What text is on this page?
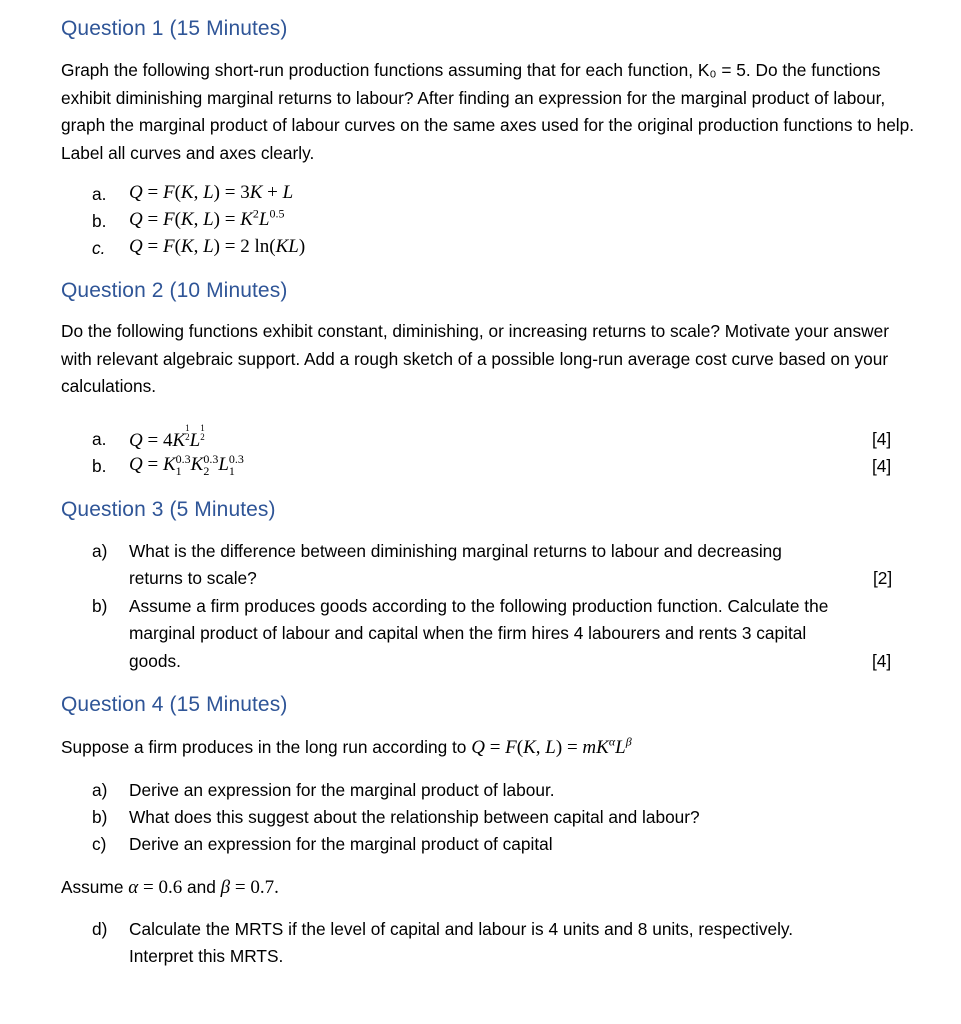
Question 1 (15 Minutes)
Graph the following short-run production functions assuming that for each function, K₀ = 5. Do the functions exhibit diminishing marginal returns to labour? After finding an expression for the marginal product of labour, graph the marginal product of labour curves on the same axes used for the original production functions to help. Label all curves and axes clearly.
a. Q = F(K, L) = 3K + L
b. Q = F(K, $L) = K^2L^{0.5}$
c. Q = F(K, L) = 2 ln(KL)
Question 2 (10 Minutes)
Do the following functions exhibit constant, diminishing, or increasing returns to scale? Motivate your answer with relevant algebraic support. Add a rough sketch of a possible long-run average cost curve based on your calculations.
a. Q = 4K
1
2 L
1
2	[4]
b. $Q = K_1^{0.3}K_2^{0.3}L_1^{0.3}$	[4]
Question 3 (5 Minutes)
a) What is the difference between diminishing marginal returns to labour and decreasing
returns to scale?	[2]
b) Assume a firm produces goods according to the following production function. Calculate the
marginal product of labour and capital when the firm hires 4 labourers and rents 3 capital
goods.	[4]
Question 4 (15 Minutes)
Suppose a firm produces in the long run according to Q = F(K, $L) = mK^\alpha L^\beta$
a) Derive an expression for the marginal product of labour.
b) What does this suggest about the relationship between capital and labour?
c) Derive an expression for the marginal product of capital
Assume α = 0.6 and β = 0.7.
d) Calculate the MRTS if the level of capital and labour is 4 units and 8 units, respectively.
Interpret this MRTS.
